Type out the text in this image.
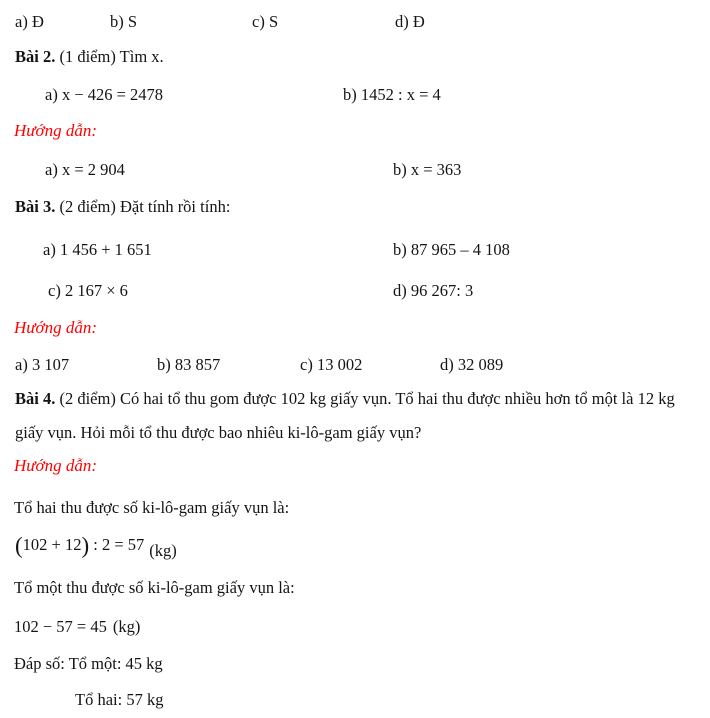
a) Đ	b) S	c) S	d) Đ
Bài 2. (1 điểm) Tìm x.
a) x − 426 = 2478	b) 1452 : x = 4
Hướng dẫn:
a) x = 2 904	b) x = 363
Bài 3. (2 điểm) Đặt tính rồi tính:
a) 1 456 + 1 651	b) 87 965 – 4 108
c) 2 167 × 6	d) 96 267: 3
Hướng dẫn:
a) 3 107	b) 83 857	c) 13 002	d) 32 089
Bài 4. (2 điểm) Có hai tổ thu gom được 102 kg giấy vụn. Tổ hai thu được nhiều hơn tổ một là 12 kg giấy vụn. Hỏi mỗi tổ thu được bao nhiêu ki-lô-gam giấy vụn?
Hướng dẫn:
Tổ hai thu được số ki-lô-gam giấy vụn là:
(102 + 12) : 2 = 57 (kg)
Tổ một thu được số ki-lô-gam giấy vụn là:
102 − 57 = 45 (kg)
Đáp số: Tổ một: 45 kg
Tổ hai: 57 kg
